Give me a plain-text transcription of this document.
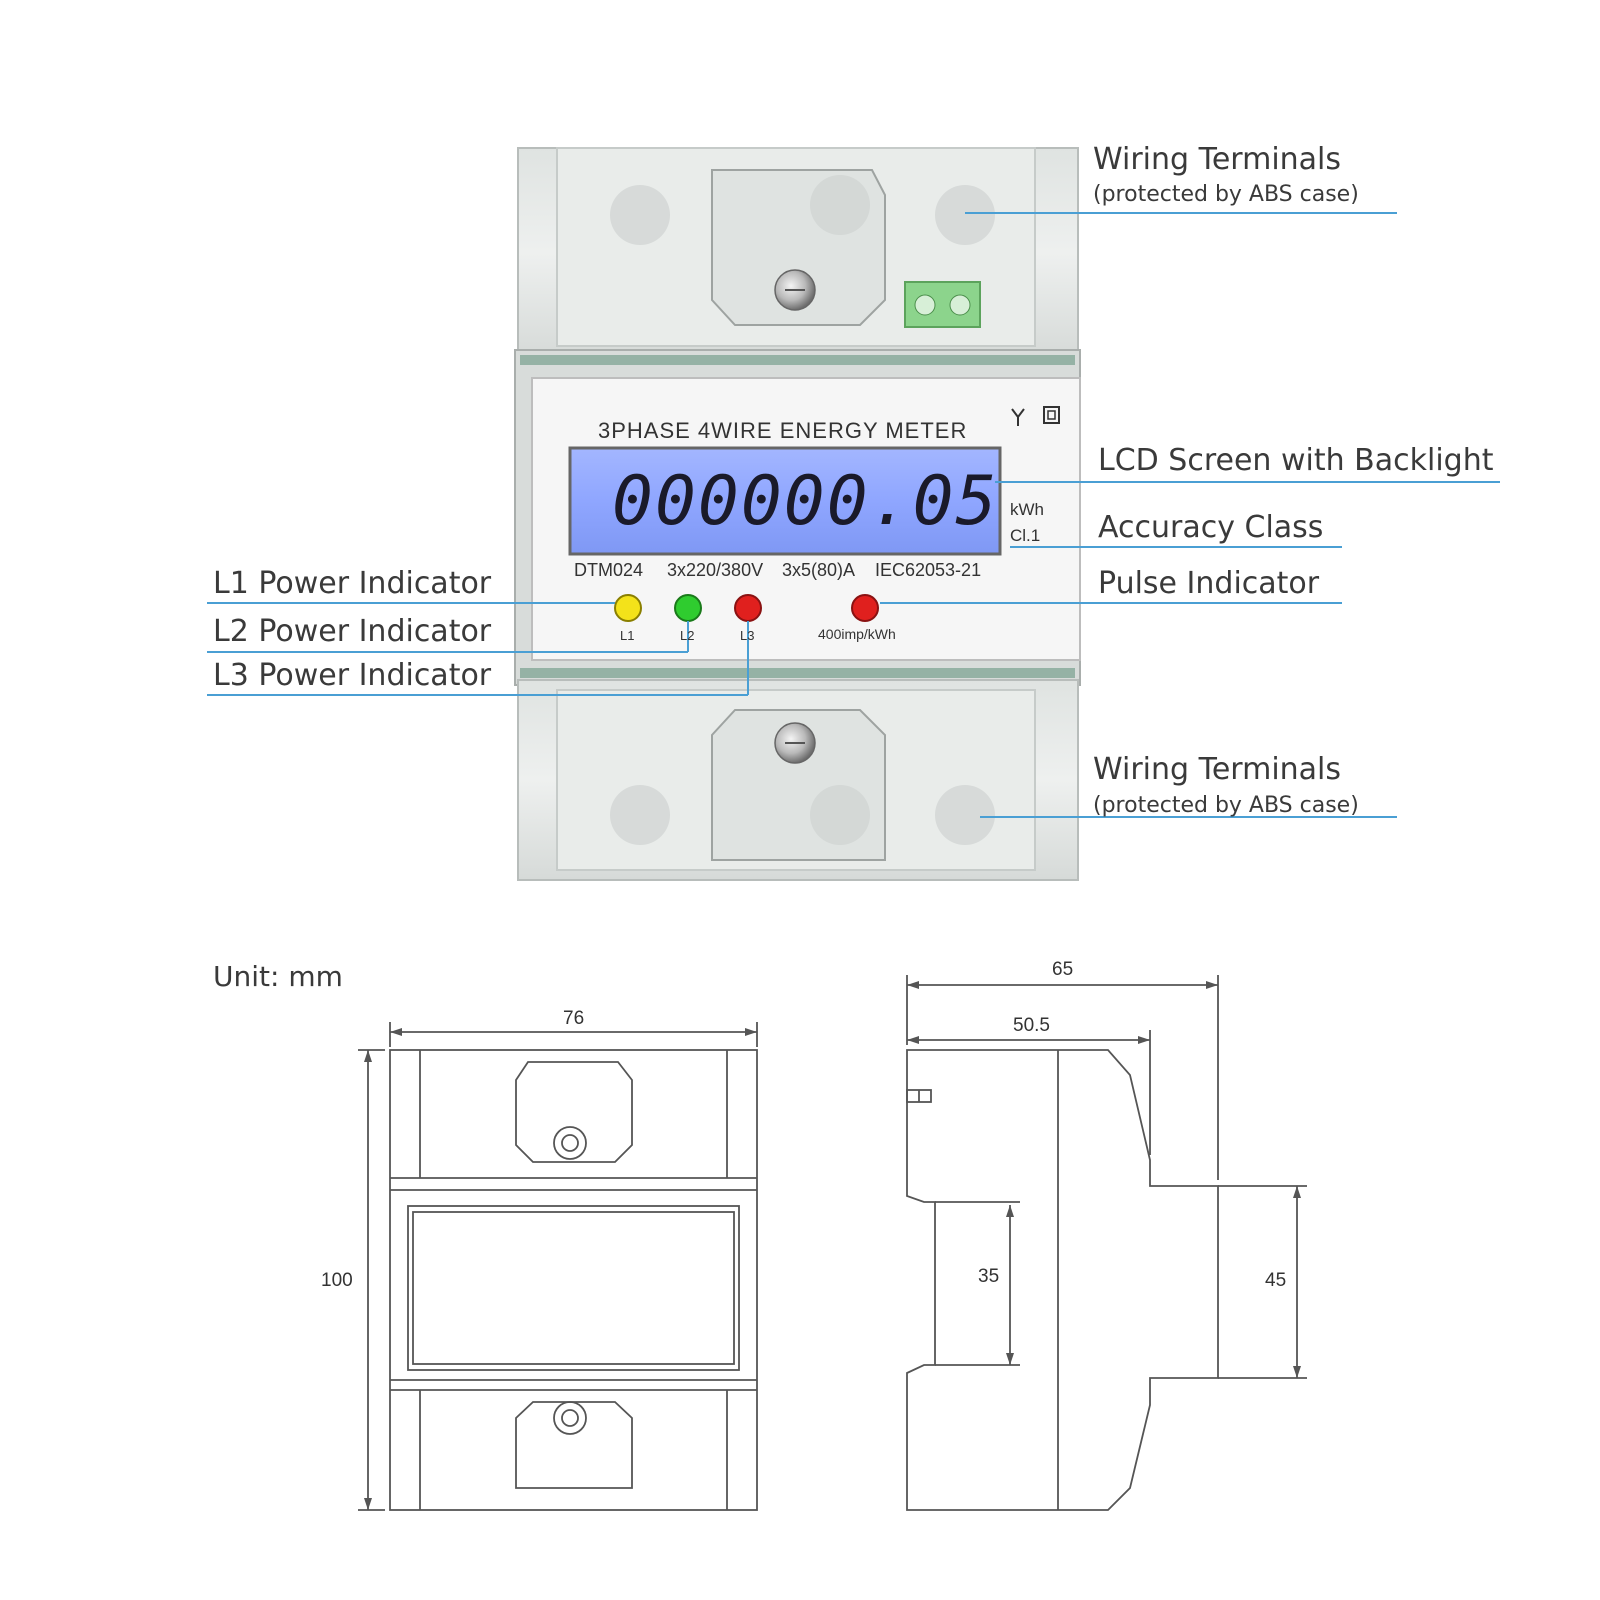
3PHASE 4WIRE ENERGY METER
000000.05 kWh
Cl.1
DTM024 3x220/380V 3x5(80)A IEC62053-21
L1	L2	L3	400imp/kWh
Wiring Terminals
(protected by ABS case)
LCD Screen with Backlight
Accuracy Class
Pulse Indicator
L1 Power Indicator
L2 Power Indicator
L3 Power Indicator
Wiring Terminals
(protected by ABS case)
Unit: mm
76
100
65
50.5
35	45
